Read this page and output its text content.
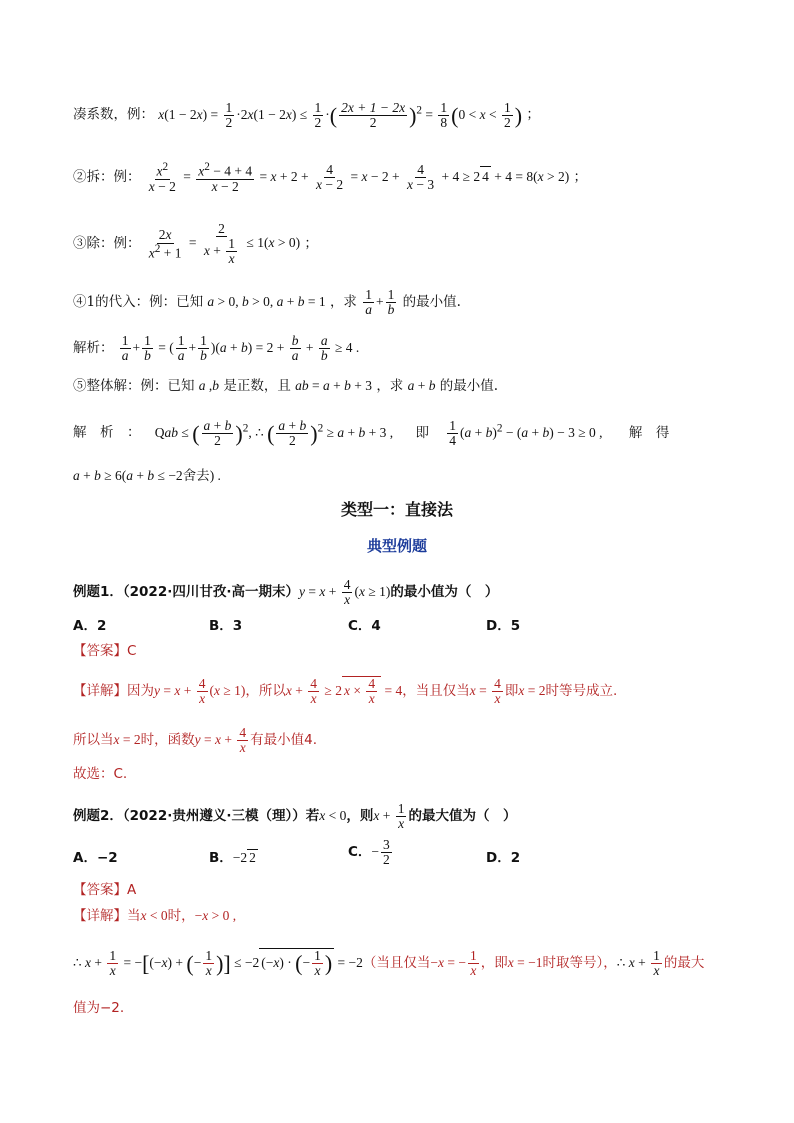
凑系数，例： $x(1 - 2x) = \frac{1}{2} \cdot 2x(1 - 2x) \le \frac{1}{2}$ ·( $\frac{2x + 1 - 2x}{2} )^2 = \frac{1}{8} (0 < x < \frac{1}{2}$ ) ；
②拆：例： $\frac{x^2}{x - 2} = \frac{x^2 - 4 + 4}{x - 2} = x + 2 + \frac{4}{x - 2} = x - 2 + \frac{4}{x - 3} + 4 \ge 2$ 4 + 4 = 8(x > 2) ；
③除：例： $\frac{2x}{x^2 + 1} = \frac{2}{x + \frac{1}{x}} \le 1(x > 0)$ ；
④1的代入：例：已知 a > 0, b > 0, a + b = 1 ，求 $\frac{1}{a} + \frac{1}{b}$ 的最小值.
解析： $\frac{1}{a} + \frac{1}{b}$ = ( $\frac{1}{a} + \frac{1}{b} )(a + b) = 2 + \frac{b}{a} + \frac{a}{b} \ge 4$ .
⑤整体解：例：已知 a ,b 是正数，且 ab = a + b + 3 ，求 a + b 的最小值.
解　析　： Qab ≤ ( $\frac{a + b}{2} )^2$, ∴ ( $\frac{a + b}{2} )^2 \ge a + b + 3$ , 即 $\frac{1}{4} (a + b)^2 - (a + b) - 3 \ge 0$ , 解　得
a + b ≥ 6(a + b ≤ −2舍去) .
类型一：直接法
典型例题
例题1．（2022·四川甘孜·高一期末）$y = x + \frac{4}{x} (x \ge 1)$的最小值为（　）
A．2	B．3	C．4	D．5
【答案】C
【详解】因为$y = x + \frac{4}{x} (x \ge 1)$，所以$x + \frac{4}{x} \ge 2$ $x \times \frac{4}{x} = 4$，当且仅当$x = \frac{4}{x}$ 即x = 2时等号成立.
所以当x = 2时，函数$y = x + \frac{4}{x}$ 有最小值4.
故选：C.
例题2．（2022·贵州遵义·三模（理））若x < 0，则$x + \frac{1}{x}$ 的最大值为（　）
A．−2	B．−2 2	C．− $\frac{3}{2}$	D．2
【答案】A
【详解】当x < 0时，−x > 0 ,
∴ $x + \frac{1}{x} = -[(-x)$ + (− $\frac{1}{x}$ )] ≤ −2 (−x) · (− $\frac{1}{x}$ ) = −2（当且仅当−x = − $\frac{1}{x}$ ，即x = −1时取等号），∴ $x + \frac{1}{x}$ 的最大
值为−2.
